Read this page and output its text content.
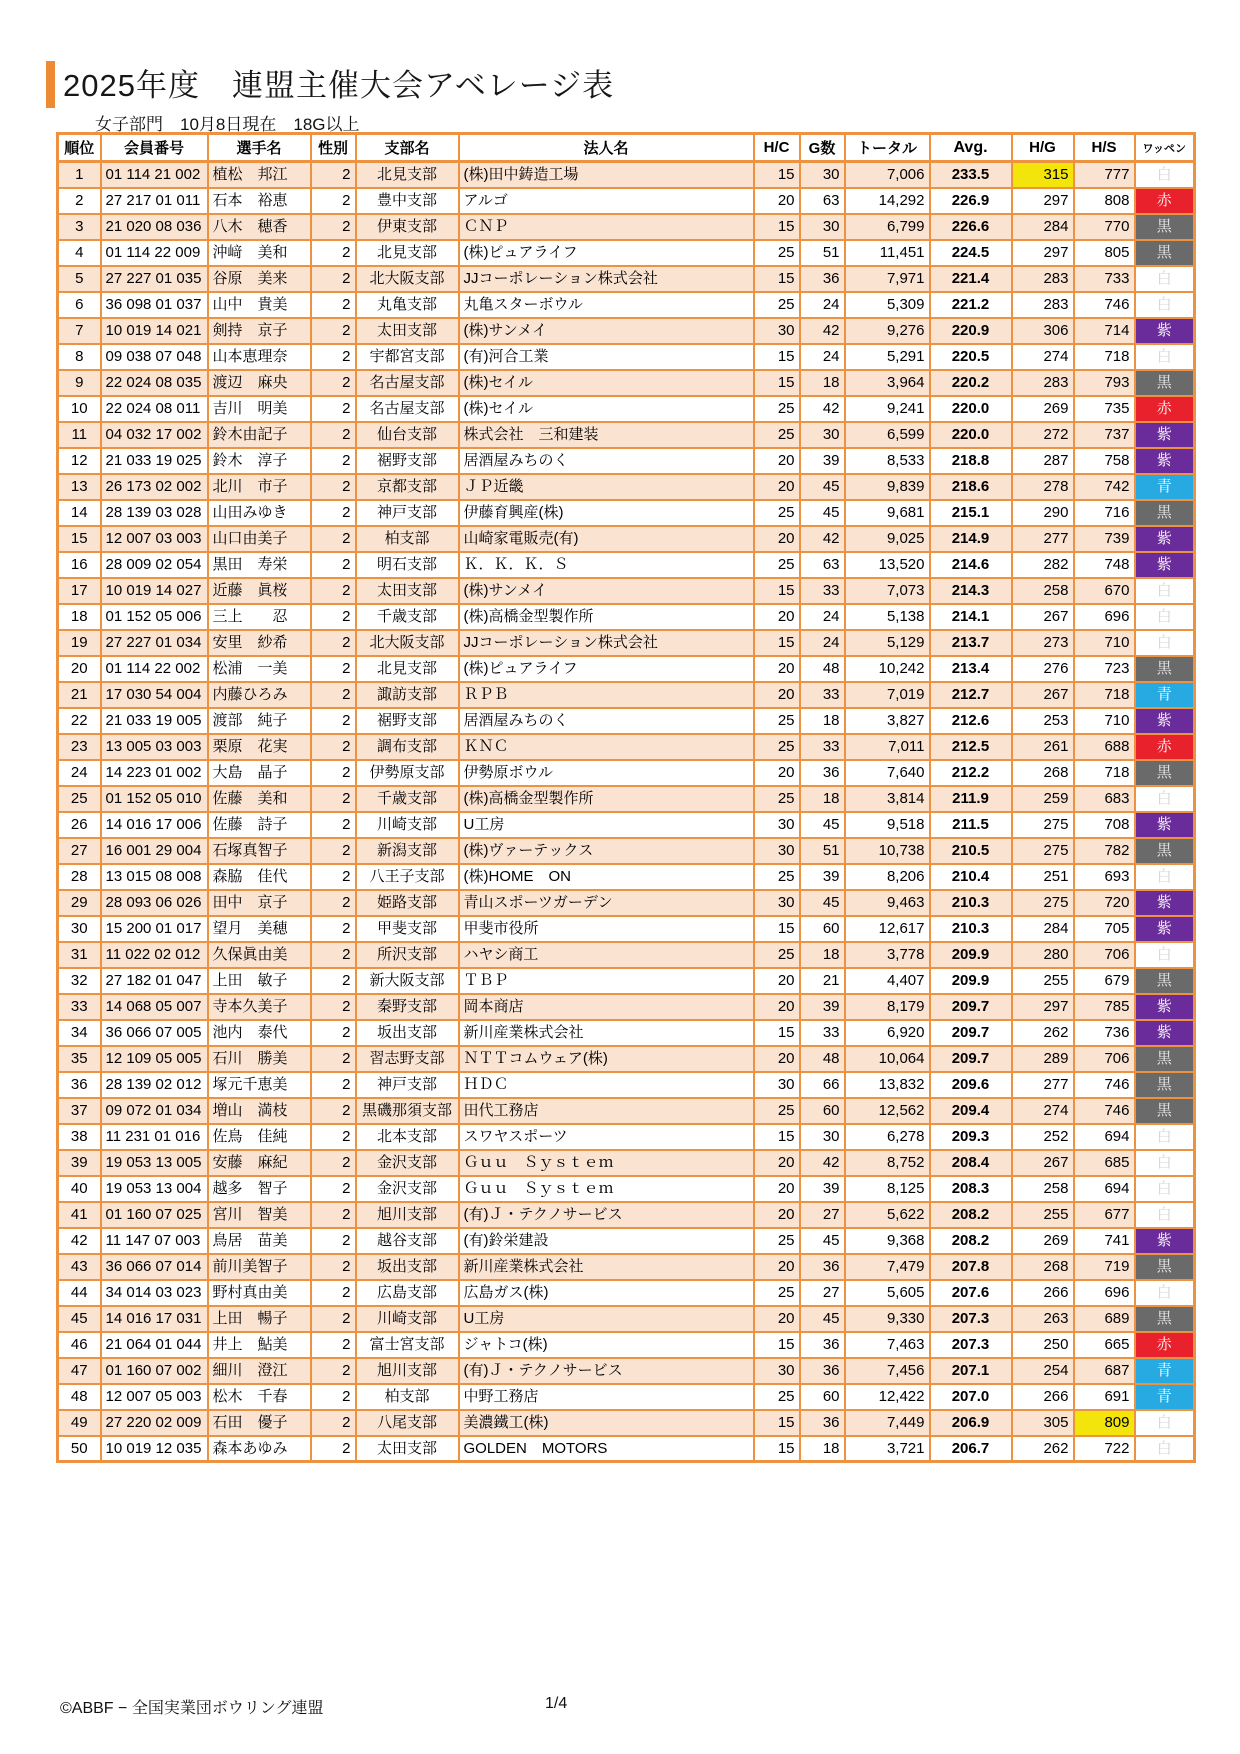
2025年度　連盟主催大会アベレージ表
女子部門　10月8日現在　18G以上
順位	会員番号	選手名	性別	支部名	法人名	H/C	G数	トータル	Avg.	H/G	H/S	ワッペン
1	01 114 21 002	植松　邦江	2	北見支部	(株)田中鋳造工場	15	30	7,006	233.5	315	777	白
2	27 217 01 011	石本　裕恵	2	豊中支部	アルゴ	20	63	14,292	226.9	297	808	赤
3	21 020 08 036	八木　穂香	2	伊東支部	ＣＮＰ	15	30	6,799	226.6	284	770	黒
4	01 114 22 009	沖﨑　美和	2	北見支部	(株)ピュアライフ	25	51	11,451	224.5	297	805	黒
5	27 227 01 035	谷原　美来	2	北大阪支部	JJコーポレーション株式会社	15	36	7,971	221.4	283	733	白
6	36 098 01 037	山中　貴美	2	丸亀支部	丸亀スターボウル	25	24	5,309	221.2	283	746	白
7	10 019 14 021	剣持　京子	2	太田支部	(株)サンメイ	30	42	9,276	220.9	306	714	紫
8	09 038 07 048	山本恵理奈	2	宇都宮支部	(有)河合工業	15	24	5,291	220.5	274	718	白
9	22 024 08 035	渡辺　麻央	2	名古屋支部	(株)セイル	15	18	3,964	220.2	283	793	黒
10	22 024 08 011	吉川　明美	2	名古屋支部	(株)セイル	25	42	9,241	220.0	269	735	赤
11	04 032 17 002	鈴木由記子	2	仙台支部	株式会社　三和建装	25	30	6,599	220.0	272	737	紫
12	21 033 19 025	鈴木　淳子	2	裾野支部	居酒屋みちのく	20	39	8,533	218.8	287	758	紫
13	26 173 02 002	北川　市子	2	京都支部	ＪＰ近畿	20	45	9,839	218.6	278	742	青
14	28 139 03 028	山田みゆき	2	神戸支部	伊藤育興産(株)	25	45	9,681	215.1	290	716	黒
15	12 007 03 003	山口由美子	2	柏支部	山崎家電販売(有)	20	42	9,025	214.9	277	739	紫
16	28 009 02 054	黒田　寿栄	2	明石支部	Ｋ．Ｋ．Ｋ．Ｓ	25	63	13,520	214.6	282	748	紫
17	10 019 14 027	近藤　眞桜	2	太田支部	(株)サンメイ	15	33	7,073	214.3	258	670	白
18	01 152 05 006	三上　　忍	2	千歳支部	(株)高橋金型製作所	20	24	5,138	214.1	267	696	白
19	27 227 01 034	安里　紗希	2	北大阪支部	JJコーポレーション株式会社	15	24	5,129	213.7	273	710	白
20	01 114 22 002	松浦　一美	2	北見支部	(株)ピュアライフ	20	48	10,242	213.4	276	723	黒
21	17 030 54 004	内藤ひろみ	2	諏訪支部	ＲＰＢ	20	33	7,019	212.7	267	718	青
22	21 033 19 005	渡部　純子	2	裾野支部	居酒屋みちのく	25	18	3,827	212.6	253	710	紫
23	13 005 03 003	栗原　花実	2	調布支部	ＫＮＣ	25	33	7,011	212.5	261	688	赤
24	14 223 01 002	大島　晶子	2	伊勢原支部	伊勢原ボウル	20	36	7,640	212.2	268	718	黒
25	01 152 05 010	佐藤　美和	2	千歳支部	(株)高橋金型製作所	25	18	3,814	211.9	259	683	白
26	14 016 17 006	佐藤　詩子	2	川崎支部	U工房	30	45	9,518	211.5	275	708	紫
27	16 001 29 004	石塚真智子	2	新潟支部	(株)ヴァーテックス	30	51	10,738	210.5	275	782	黒
28	13 015 08 008	森脇　佳代	2	八王子支部	(株)HOME　ON	25	39	8,206	210.4	251	693	白
29	28 093 06 026	田中　京子	2	姫路支部	青山スポーツガーデン	30	45	9,463	210.3	275	720	紫
30	15 200 01 017	望月　美穂	2	甲斐支部	甲斐市役所	15	60	12,617	210.3	284	705	紫
31	11 022 02 012	久保眞由美	2	所沢支部	ハヤシ商工	25	18	3,778	209.9	280	706	白
32	27 182 01 047	上田　敏子	2	新大阪支部	ＴＢＰ	20	21	4,407	209.9	255	679	黒
33	14 068 05 007	寺本久美子	2	秦野支部	岡本商店	20	39	8,179	209.7	297	785	紫
34	36 066 07 005	池内　泰代	2	坂出支部	新川産業株式会社	15	33	6,920	209.7	262	736	紫
35	12 109 05 005	石川　勝美	2	習志野支部	ＮＴＴコムウェア(株)	20	48	10,064	209.7	289	706	黒
36	28 139 02 012	塚元千恵美	2	神戸支部	ＨＤＣ	30	66	13,832	209.6	277	746	黒
37	09 072 01 034	増山　満枝	2	黒磯那須支部	田代工務店	25	60	12,562	209.4	274	746	黒
38	11 231 01 016	佐鳥　佳純	2	北本支部	スワヤスポーツ	15	30	6,278	209.3	252	694	白
39	19 053 13 005	安藤　麻紀	2	金沢支部	Ｇｕｕ　Ｓｙｓｔｅｍ	20	42	8,752	208.4	267	685	白
40	19 053 13 004	越多　智子	2	金沢支部	Ｇｕｕ　Ｓｙｓｔｅｍ	20	39	8,125	208.3	258	694	白
41	01 160 07 025	宮川　智美	2	旭川支部	(有)Ｊ・テクノサービス	20	27	5,622	208.2	255	677	白
42	11 147 07 003	鳥居　苗美	2	越谷支部	(有)鈴栄建設	25	45	9,368	208.2	269	741	紫
43	36 066 07 014	前川美智子	2	坂出支部	新川産業株式会社	20	36	7,479	207.8	268	719	黒
44	34 014 03 023	野村真由美	2	広島支部	広島ガス(株)	25	27	5,605	207.6	266	696	白
45	14 016 17 031	上田　暢子	2	川崎支部	U工房	20	45	9,330	207.3	263	689	黒
46	21 064 01 044	井上　鮎美	2	富士宮支部	ジャトコ(株)	15	36	7,463	207.3	250	665	赤
47	01 160 07 002	細川　澄江	2	旭川支部	(有)Ｊ・テクノサービス	30	36	7,456	207.1	254	687	青
48	12 007 05 003	松木　千春	2	柏支部	中野工務店	25	60	12,422	207.0	266	691	青
49	27 220 02 009	石田　優子	2	八尾支部	美濃鐵工(株)	15	36	7,449	206.9	305	809	白
50	10 019 12 035	森本あゆみ	2	太田支部	GOLDEN　MOTORS	15	18	3,721	206.7	262	722	白
©ABBF − 全国実業団ボウリング連盟	1/4
